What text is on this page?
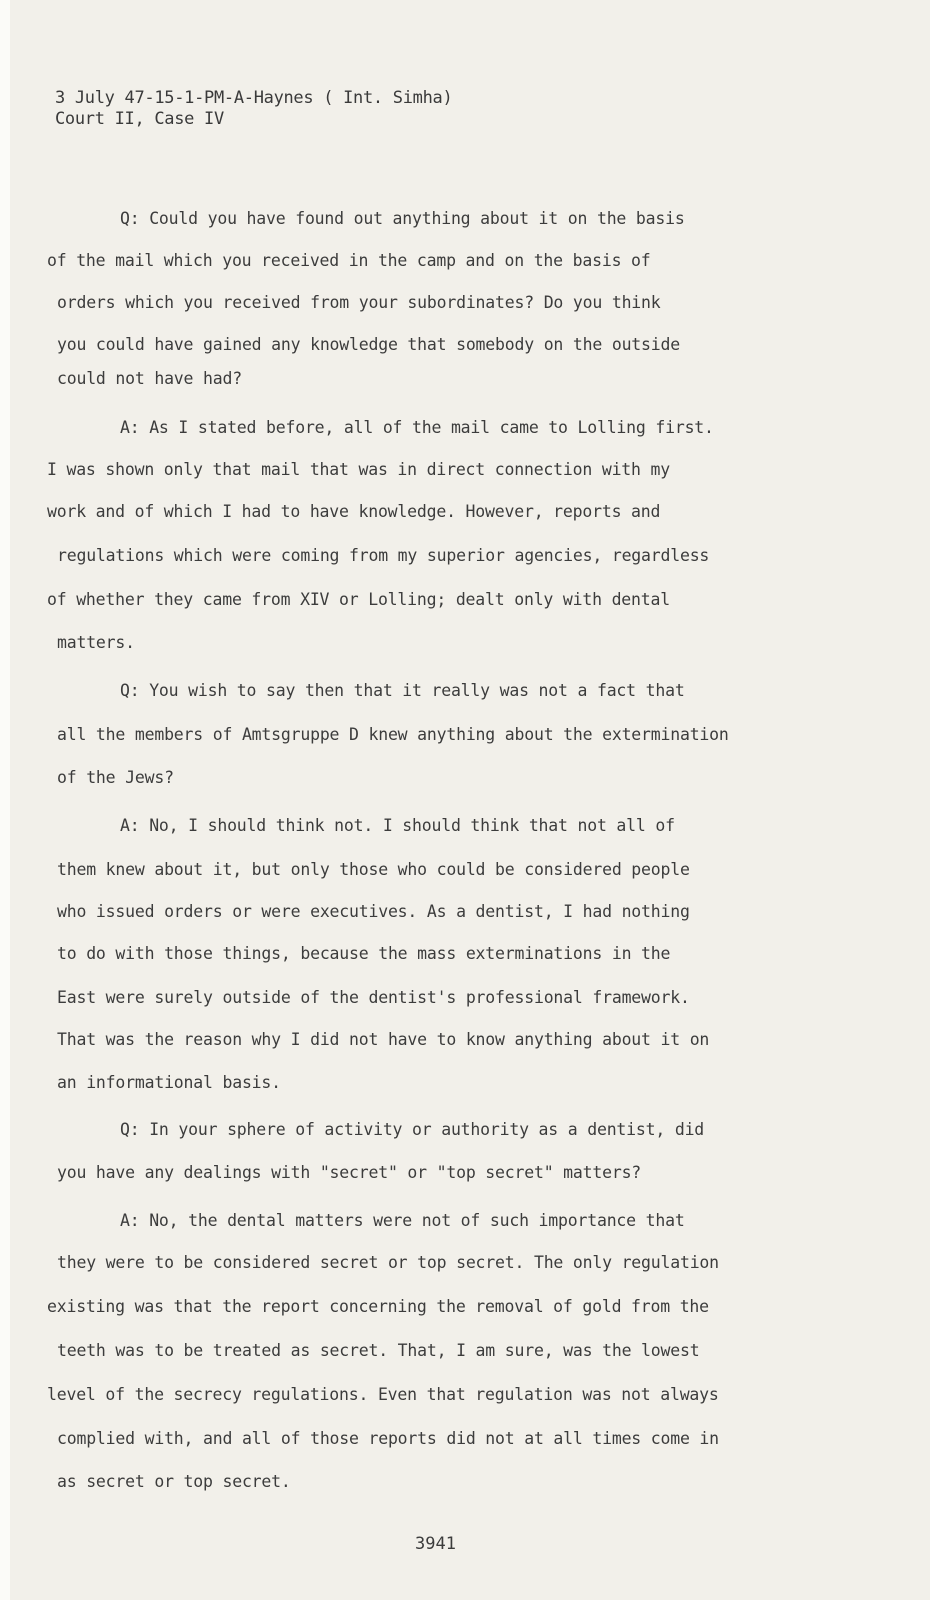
3 July 47-15-1-PM-A-Haynes ( Int. Simha)
Court II, Case IV
Q: Could you have found out anything about it on the basis
of the mail which you received in the camp and on the basis of
orders which you received from your subordinates? Do you think
you could have gained any knowledge that somebody on the outside
could not have had?
A: As I stated before, all of the mail came to Lolling first.
I was shown only that mail that was in direct connection with my
work and of which I had to have knowledge. However, reports and
regulations which were coming from my superior agencies, regardless
of whether they came from XIV or Lolling; dealt only with dental
matters.
Q: You wish to say then that it really was not a fact that
all the members of Amtsgruppe D knew anything about the extermination
of the Jews?
A: No, I should think not. I should think that not all of
them knew about it, but only those who could be considered people
who issued orders or were executives. As a dentist, I had nothing
to do with those things, because the mass exterminations in the
East were surely outside of the dentist's professional framework.
That was the reason why I did not have to know anything about it on
an informational basis.
Q: In your sphere of activity or authority as a dentist, did
you have any dealings with "secret" or "top secret" matters?
A: No, the dental matters were not of such importance that
they were to be considered secret or top secret. The only regulation
existing was that the report concerning the removal of gold from the
teeth was to be treated as secret. That, I am sure, was the lowest
level of the secrecy regulations. Even that regulation was not always
complied with, and all of those reports did not at all times come in
as secret or top secret.
3941
